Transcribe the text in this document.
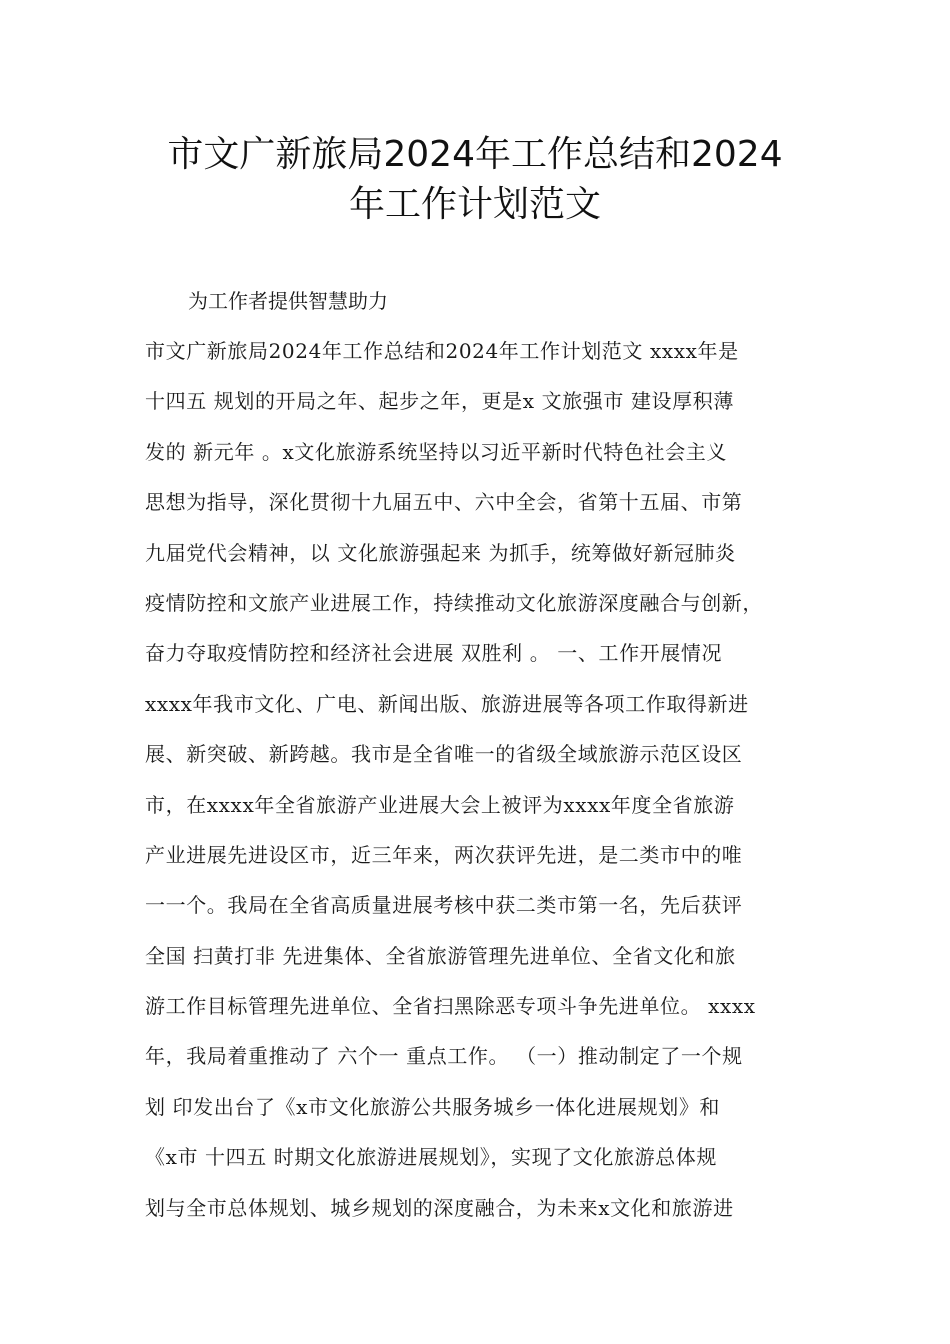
市文广新旅局2024年工作总结和2024
年工作计划范文
为工作者提供智慧助力
市文广新旅局2024年工作总结和2024年工作计划范文 xxxx年是
十四五 规划的开局之年、起步之年，更是x 文旅强市 建设厚积薄
发的 新元年 。x文化旅游系统坚持以习近平新时代特色社会主义
思想为指导，深化贯彻十九届五中、六中全会，省第十五届、市第
九届党代会精神，以 文化旅游强起来 为抓手，统筹做好新冠肺炎
疫情防控和文旅产业进展工作，持续推动文化旅游深度融合与创新，
奋力夺取疫情防控和经济社会进展 双胜利 。 一、工作开展情况
xxxx年我市文化、广电、新闻出版、旅游进展等各项工作取得新进
展、新突破、新跨越。我市是全省唯一的省级全域旅游示范区设区
市，在xxxx年全省旅游产业进展大会上被评为xxxx年度全省旅游
产业进展先进设区市，近三年来，两次获评先进，是二类市中的唯
一一个。我局在全省高质量进展考核中获二类市第一名，先后获评
全国 扫黄打非 先进集体、全省旅游管理先进单位、全省文化和旅
游工作目标管理先进单位、全省扫黑除恶专项斗争先进单位。 xxxx
年，我局着重推动了 六个一 重点工作。 （一）推动制定了一个规
划 印发出台了《x市文化旅游公共服务城乡一体化进展规划》和
《x市 十四五 时期文化旅游进展规划》，实现了文化旅游总体规
划与全市总体规划、城乡规划的深度融合，为未来x文化和旅游进
